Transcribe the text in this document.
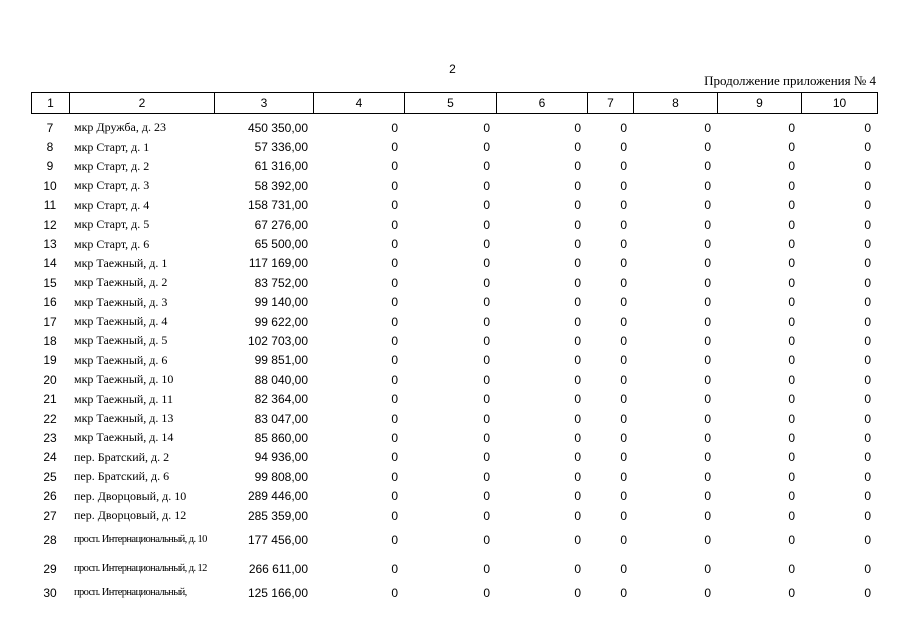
2
Продолжение приложения № 4
1	2	3	4	5	6	7	8	9	10
7	мкр Дружба, д. 23	450 350,00	0	0	0	0	0	0	0
8	мкр Старт, д. 1	57 336,00	0	0	0	0	0	0	0
9	мкр Старт, д. 2	61 316,00	0	0	0	0	0	0	0
10	мкр Старт, д. 3	58 392,00	0	0	0	0	0	0	0
11	мкр Старт, д. 4	158 731,00	0	0	0	0	0	0	0
12	мкр Старт, д. 5	67 276,00	0	0	0	0	0	0	0
13	мкр Старт, д. 6	65 500,00	0	0	0	0	0	0	0
14	мкр Таежный, д. 1	117 169,00	0	0	0	0	0	0	0
15	мкр Таежный, д. 2	83 752,00	0	0	0	0	0	0	0
16	мкр Таежный, д. 3	99 140,00	0	0	0	0	0	0	0
17	мкр Таежный, д. 4	99 622,00	0	0	0	0	0	0	0
18	мкр Таежный, д. 5	102 703,00	0	0	0	0	0	0	0
19	мкр Таежный, д. 6	99 851,00	0	0	0	0	0	0	0
20	мкр Таежный, д. 10	88 040,00	0	0	0	0	0	0	0
21	мкр Таежный, д. 11	82 364,00	0	0	0	0	0	0	0
22	мкр Таежный, д. 13	83 047,00	0	0	0	0	0	0	0
23	мкр Таежный, д. 14	85 860,00	0	0	0	0	0	0	0
24	пер. Братский, д. 2	94 936,00	0	0	0	0	0	0	0
25	пер. Братский, д. 6	99 808,00	0	0	0	0	0	0	0
26	пер. Дворцовый, д. 10	289 446,00	0	0	0	0	0	0	0
27	пер. Дворцовый, д. 12	285 359,00	0	0	0	0	0	0	0
28	просп. Интернациональный, д. 10	177 456,00	0	0	0	0	0	0	0
29	просп. Интернациональный, д. 12	266 611,00	0	0	0	0	0	0	0
30	просп. Интернациональный,	125 166,00	0	0	0	0	0	0	0
